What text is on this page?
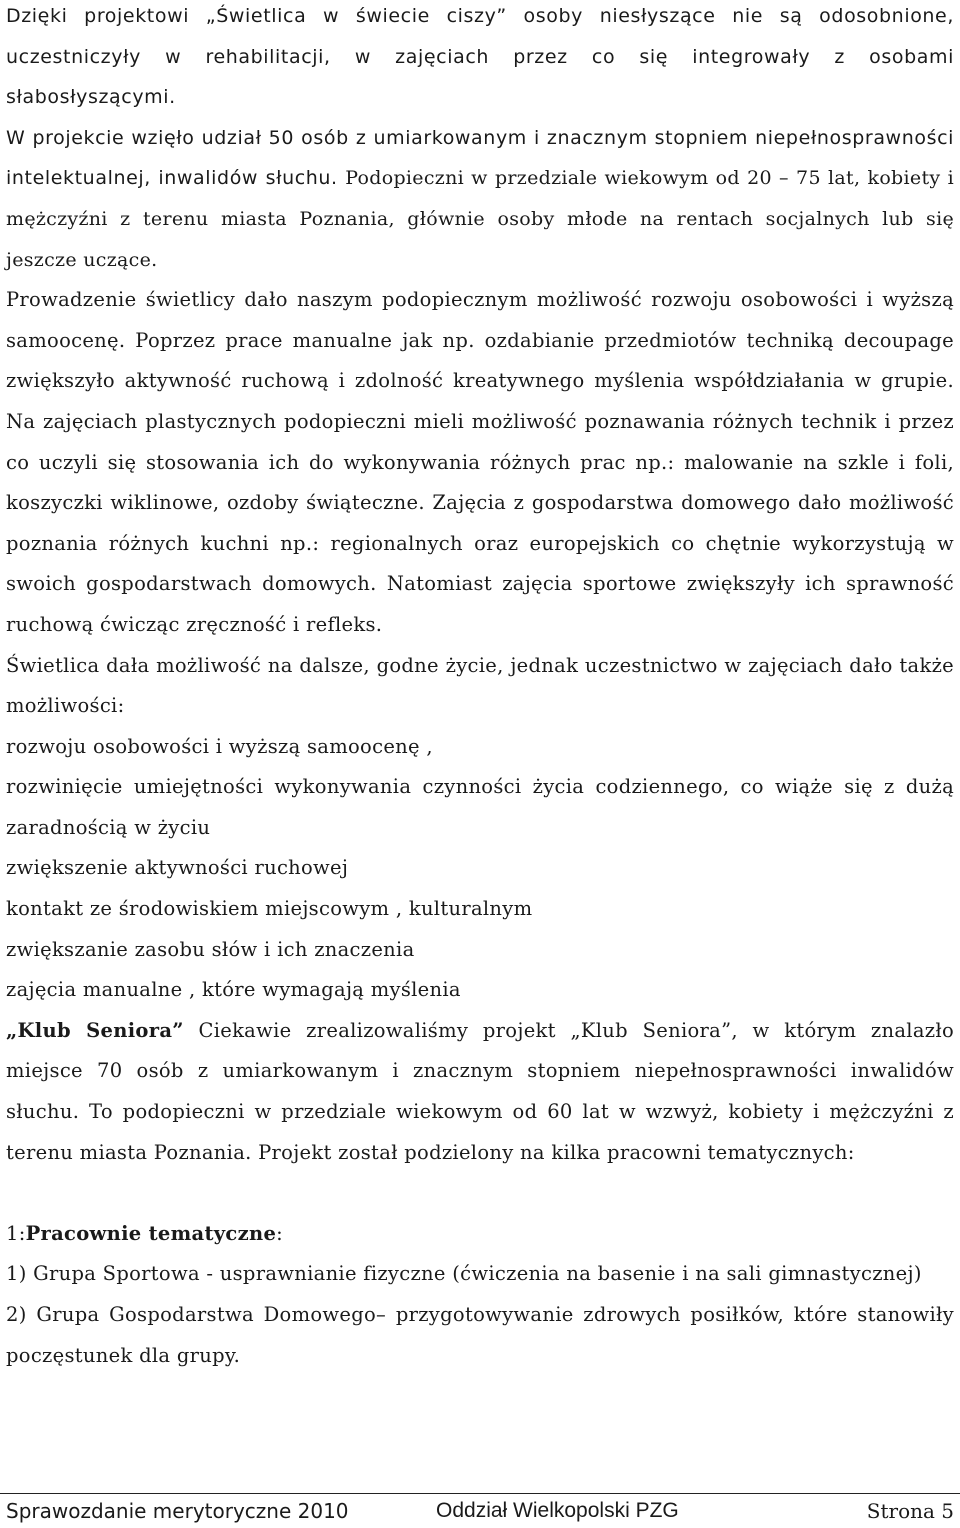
Dzięki projektowi „Świetlica w świecie ciszy” osoby niesłyszące nie są odosobnione, uczestniczyły w rehabilitacji, w zajęciach przez co się integrowały z osobami słabosłyszącymi.

W projekcie wzięło udział 50 osób z umiarkowanym i znacznym stopniem niepełnosprawności intelektualnej, inwalidów słuchu. Podopieczni w przedziale wiekowym od 20 – 75 lat, kobiety i mężczyźni z terenu miasta Poznania, głównie osoby młode na rentach socjalnych lub się jeszcze uczące.

Prowadzenie świetlicy dało naszym podopiecznym możliwość rozwoju osobowości i wyższą samoocenę. Poprzez prace manualne jak np. ozdabianie przedmiotów techniką decoupage zwiększyło aktywność ruchową i zdolność kreatywnego myślenia współdziałania w grupie. Na zajęciach plastycznych podopieczni mieli możliwość poznawania różnych technik i przez co uczyli się stosowania ich do wykonywania różnych prac np.: malowanie na szkle i foli, koszyczki wiklinowe, ozdoby świąteczne. Zajęcia z gospodarstwa domowego dało możliwość poznania różnych kuchni np.: regionalnych oraz europejskich co chętnie wykorzystują w swoich gospodarstwach domowych. Natomiast zajęcia sportowe zwiększyły ich sprawność ruchową ćwicząc zręczność i refleks.

Świetlica dała możliwość na dalsze, godne życie, jednak uczestnictwo w zajęciach dało także możliwości:

rozwoju osobowości i wyższą samoocenę ,

rozwinięcie umiejętności wykonywania czynności życia codziennego, co wiąże się z dużą zaradnością w życiu

zwiększenie aktywności ruchowej

kontakt ze środowiskiem miejscowym , kulturalnym

zwiększanie zasobu słów i ich znaczenia

zajęcia manualne , które wymagają myślenia

„Klub Seniora” Ciekawie zrealizowaliśmy projekt „Klub Seniora”, w którym znalazło miejsce 70 osób z umiarkowanym i znacznym stopniem niepełnosprawności inwalidów słuchu. To podopieczni w przedziale wiekowym od 60 lat w wzwyż, kobiety i mężczyźni z terenu miasta Poznania. Projekt został podzielony na kilka pracowni tematycznych:

1:Pracownie tematyczne:

1) Grupa Sportowa - usprawnianie fizyczne (ćwiczenia na basenie i na sali gimnastycznej)

2) Grupa Gospodarstwa Domowego– przygotowywanie zdrowych posiłków, które stanowiły poczęstunek dla grupy.

Sprawozdanie merytoryczne 2010	Oddział Wielkopolski PZG	Strona 5
